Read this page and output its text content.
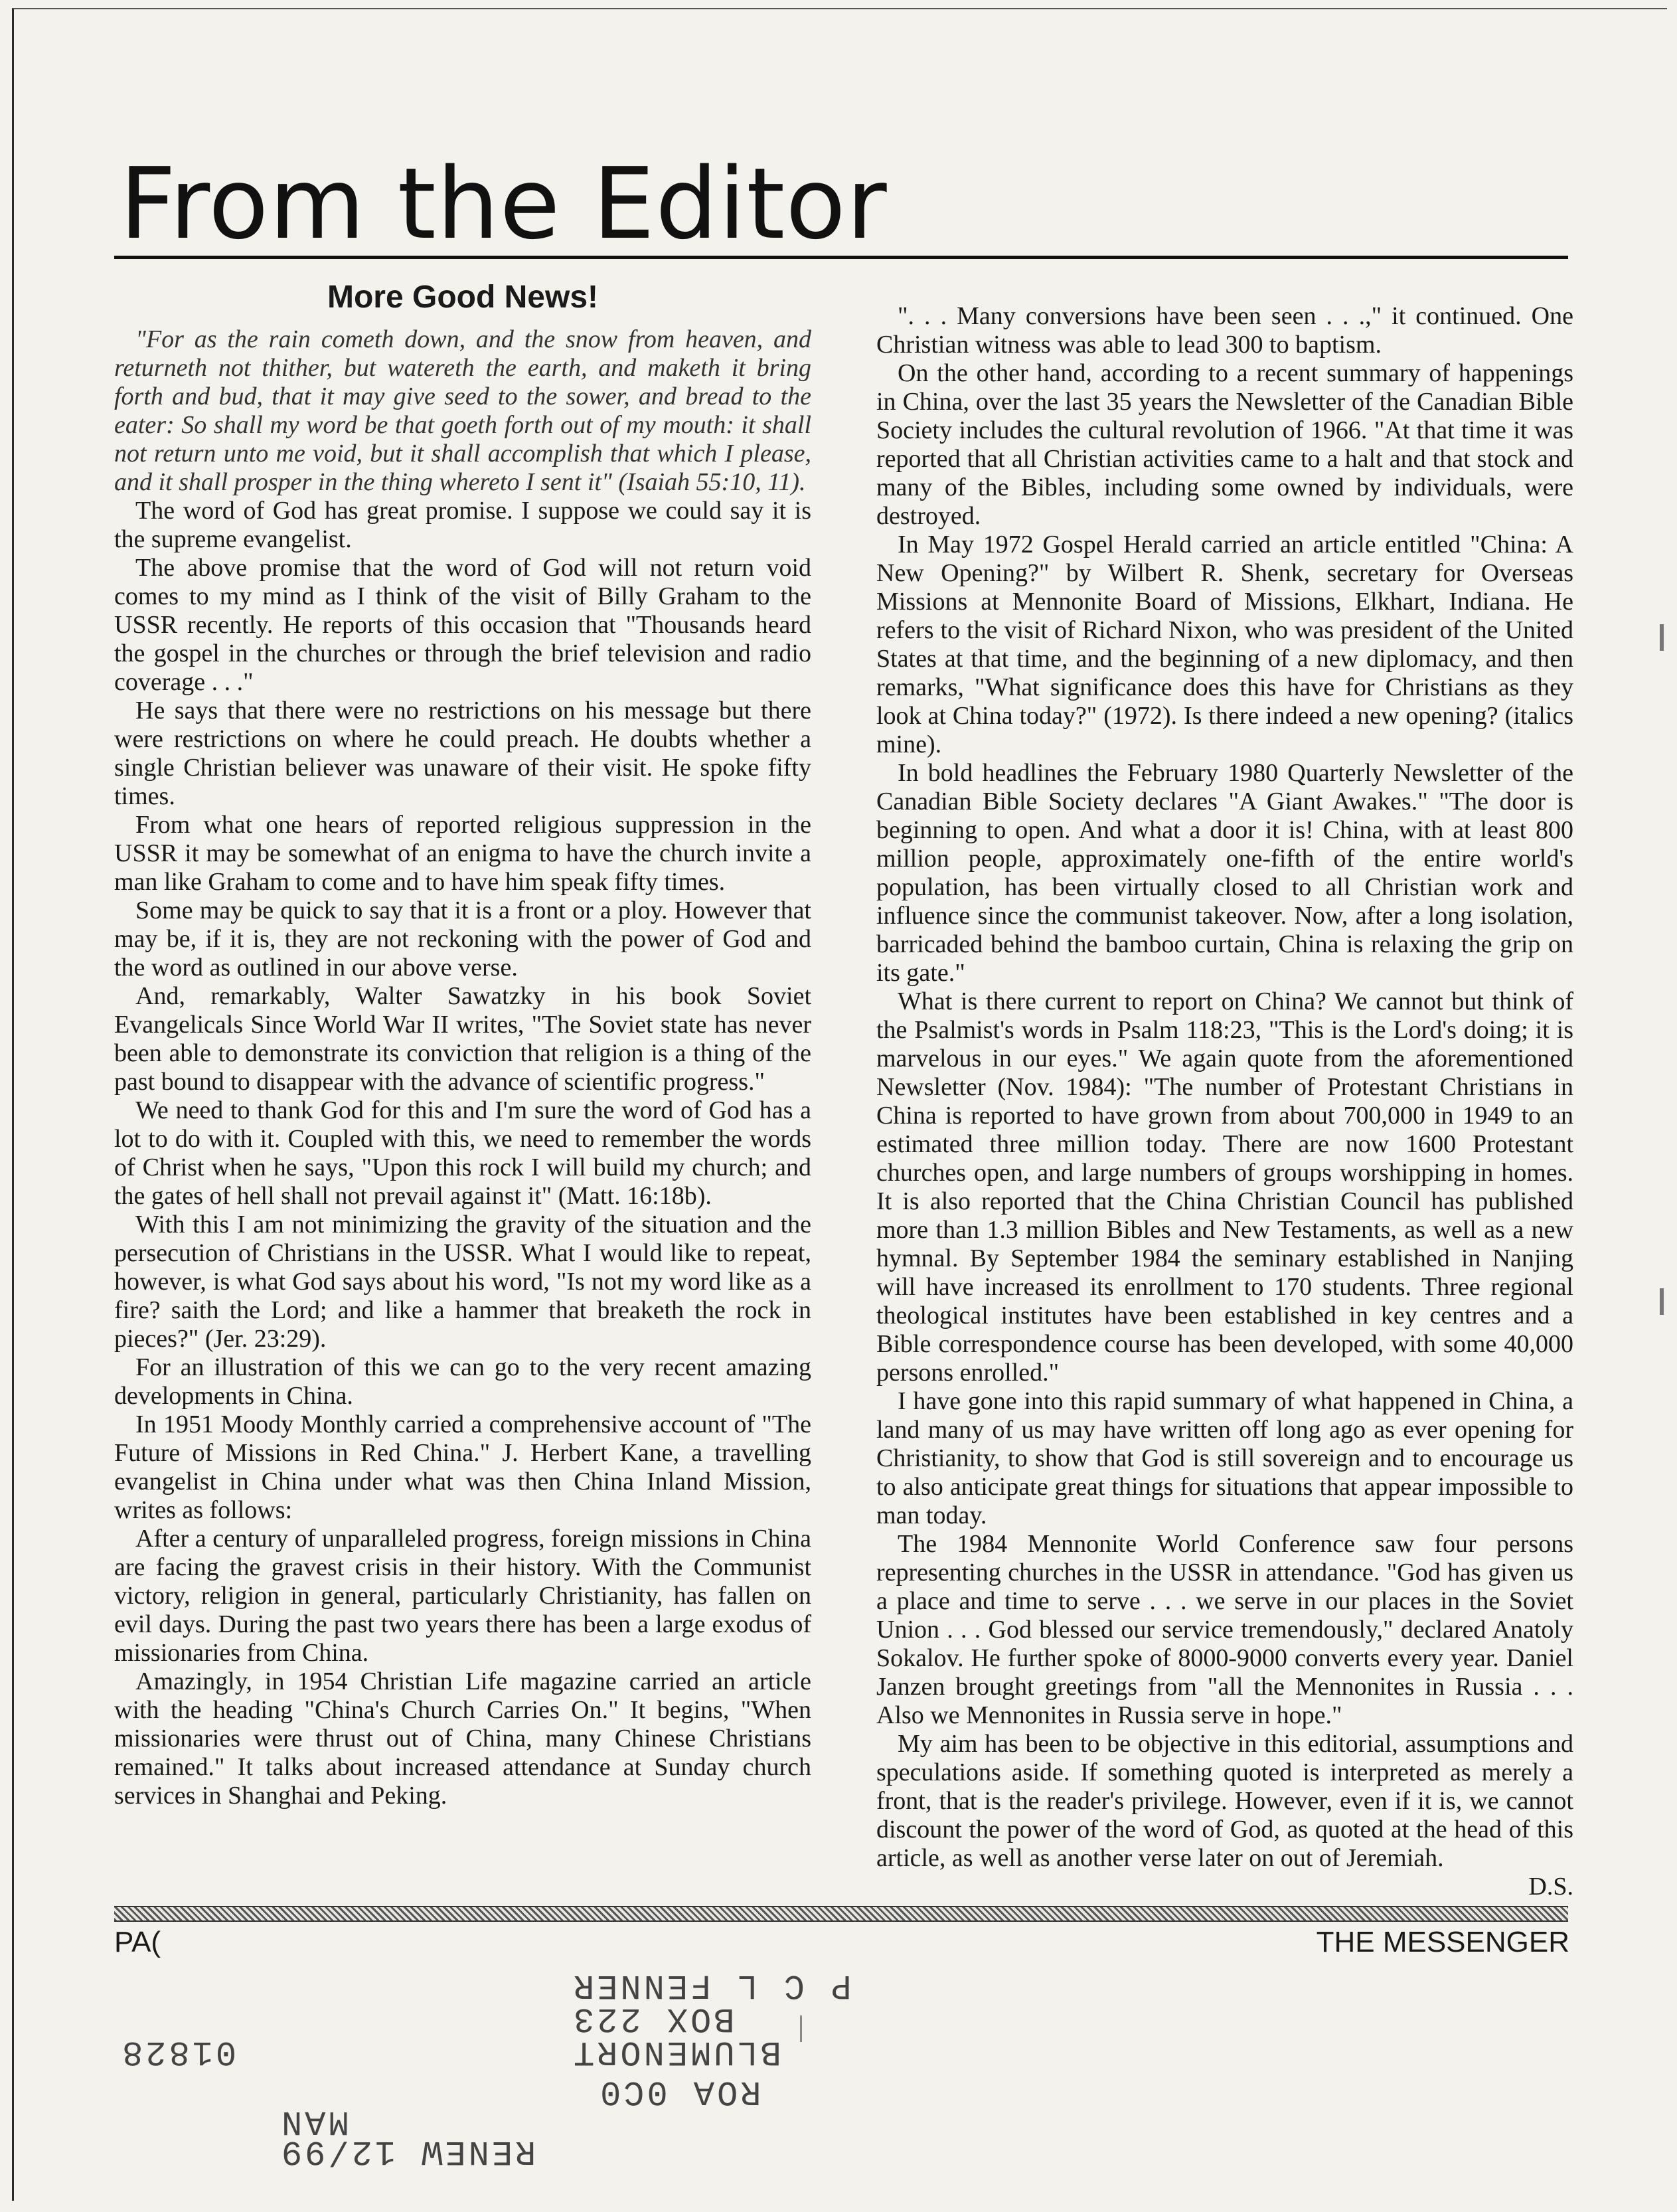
From the Editor
More Good News!

"For as the rain cometh down, and the snow from heaven, and returneth not thither, but watereth the earth, and maketh it bring forth and bud, that it may give seed to the sower, and bread to the eater: So shall my word be that goeth forth out of my mouth: it shall not return unto me void, but it shall accomplish that which I please, and it shall prosper in the thing whereto I sent it" (Isaiah 55:10, 11).

The word of God has great promise. I suppose we could say it is the supreme evangelist.

The above promise that the word of God will not return void comes to my mind as I think of the visit of Billy Graham to the USSR recently. He reports of this occasion that "Thousands heard the gospel in the churches or through the brief television and radio coverage . . ."

He says that there were no restrictions on his message but there were restrictions on where he could preach. He doubts whether a single Christian believer was unaware of their visit. He spoke fifty times.

From what one hears of reported religious suppression in the USSR it may be somewhat of an enigma to have the church invite a man like Graham to come and to have him speak fifty times.

Some may be quick to say that it is a front or a ploy. However that may be, if it is, they are not reckoning with the power of God and the word as outlined in our above verse.

And, remarkably, Walter Sawatzky in his book Soviet Evangelicals Since World War II writes, "The Soviet state has never been able to demonstrate its conviction that religion is a thing of the past bound to disappear with the advance of scientific progress."

We need to thank God for this and I'm sure the word of God has a lot to do with it. Coupled with this, we need to remember the words of Christ when he says, "Upon this rock I will build my church; and the gates of hell shall not prevail against it" (Matt. 16:18b).

With this I am not minimizing the gravity of the situation and the persecution of Christians in the USSR. What I would like to repeat, however, is what God says about his word, "Is not my word like as a fire? saith the Lord; and like a hammer that breaketh the rock in pieces?" (Jer. 23:29).

For an illustration of this we can go to the very recent amazing developments in China.

In 1951 Moody Monthly carried a comprehensive account of "The Future of Missions in Red China." J. Herbert Kane, a travelling evangelist in China under what was then China Inland Mission, writes as follows:

After a century of unparalleled progress, foreign missions in China are facing the gravest crisis in their history. With the Communist victory, religion in general, particularly Christianity, has fallen on evil days. During the past two years there has been a large exodus of missionaries from China.

Amazingly, in 1954 Christian Life magazine carried an article with the heading "China's Church Carries On." It begins, "When missionaries were thrust out of China, many Chinese Christians remained." It talks about increased attendance at Sunday church services in Shanghai and Peking.

". . . Many conversions have been seen . . .," it continued. One Christian witness was able to lead 300 to baptism.

On the other hand, according to a recent summary of happenings in China, over the last 35 years the Newsletter of the Canadian Bible Society includes the cultural revolution of 1966. "At that time it was reported that all Christian activities came to a halt and that stock and many of the Bibles, including some owned by individuals, were destroyed.

In May 1972 Gospel Herald carried an article entitled "China: A New Opening?" by Wilbert R. Shenk, secretary for Overseas Missions at Mennonite Board of Missions, Elkhart, Indiana. He refers to the visit of Richard Nixon, who was president of the United States at that time, and the beginning of a new diplomacy, and then remarks, "What significance does this have for Christians as they look at China today?" (1972). Is there indeed a new opening? (italics mine).

In bold headlines the February 1980 Quarterly Newsletter of the Canadian Bible Society declares "A Giant Awakes." "The door is beginning to open. And what a door it is! China, with at least 800 million people, approximately one-fifth of the entire world's population, has been virtually closed to all Christian work and influence since the communist takeover. Now, after a long isolation, barricaded behind the bamboo curtain, China is relaxing the grip on its gate."

What is there current to report on China? We cannot but think of the Psalmist's words in Psalm 118:23, "This is the Lord's doing; it is marvelous in our eyes." We again quote from the aforementioned Newsletter (Nov. 1984): "The number of Protestant Christians in China is reported to have grown from about 700,000 in 1949 to an estimated three million today. There are now 1600 Protestant churches open, and large numbers of groups worshipping in homes. It is also reported that the China Christian Council has published more than 1.3 million Bibles and New Testaments, as well as a new hymnal. By September 1984 the seminary established in Nanjing will have increased its enrollment to 170 students. Three regional theological institutes have been established in key centres and a Bible correspondence course has been developed, with some 40,000 persons enrolled."

I have gone into this rapid summary of what happened in China, a land many of us may have written off long ago as ever opening for Christianity, to show that God is still sovereign and to encourage us to also anticipate great things for situations that appear impossible to man today.

The 1984 Mennonite World Conference saw four persons representing churches in the USSR in attendance. "God has given us a place and time to serve . . . we serve in our places in the Soviet Union . . . God blessed our service tremendously," declared Anatoly Sokalov. He further spoke of 8000-9000 converts every year. Daniel Janzen brought greetings from "all the Mennonites in Russia . . . Also we Mennonites in Russia serve in hope."

My aim has been to be objective in this editorial, assumptions and speculations aside. If something quoted is interpreted as merely a front, that is the reader's privilege. However, even if it is, we cannot discount the power of the word of God, as quoted at the head of this article, as well as another verse later on out of Jeremiah.

D.S.

PA(	THE MESSENGER
RENEW 12/99
MAN
ROA 0C0
01828	BLUMENORT
BOX 223
P C L FENNER
